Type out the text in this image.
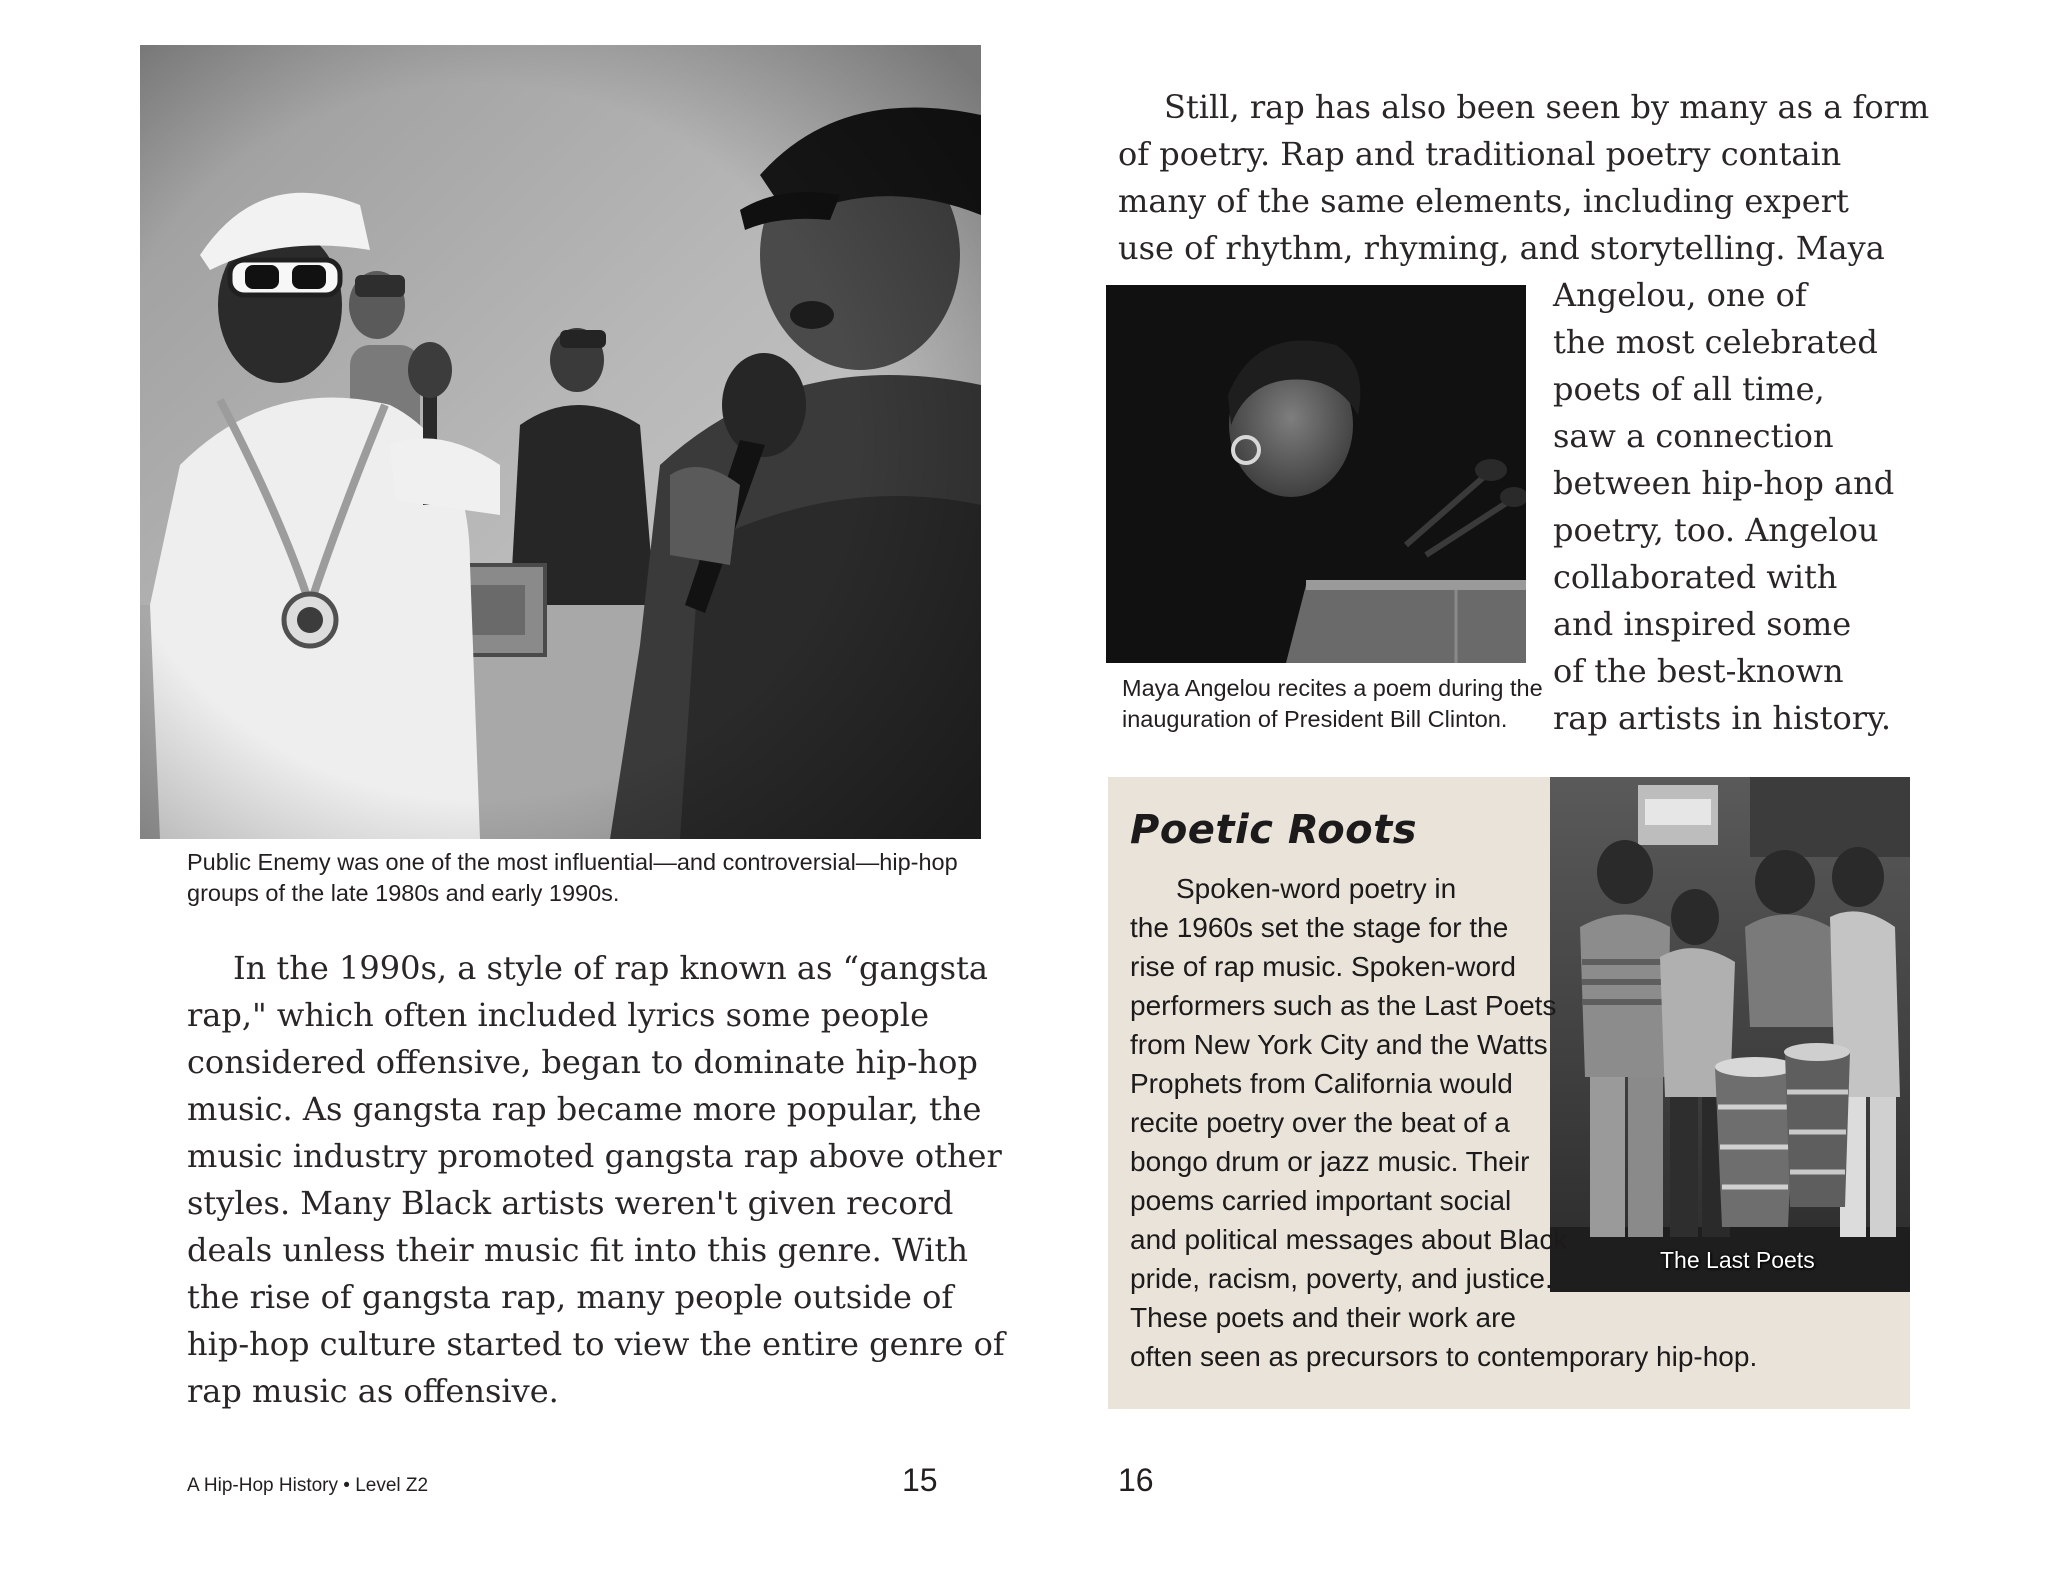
Public Enemy was one of the most influential—and controversial—hip-hop
groups of the late 1980s and early 1990s.
In the 1990s, a style of rap known as “gangsta
rap," which often included lyrics some people
considered offensive, began to dominate hip-hop
music. As gangsta rap became more popular, the
music industry promoted gangsta rap above other
styles. Many Black artists weren't given record
deals unless their music fit into this genre. With
the rise of gangsta rap, many people outside of
hip-hop culture started to view the entire genre of
rap music as offensive.
A Hip-Hop History • Level Z2	15
Still, rap has also been seen by many as a form
of poetry. Rap and traditional poetry contain
many of the same elements, including expert
use of rhythm, rhyming, and storytelling. Maya
Maya Angelou recites a poem during the
inauguration of President Bill Clinton.
Angelou, one of
the most celebrated
poets of all time,
saw a connection
between hip-hop and
poetry, too. Angelou
collaborated with
and inspired some
of the best-known
rap artists in history.
The Last Poets
Poetic Roots
Spoken-word poetry in
the 1960s set the stage for the
rise of rap music. Spoken-word
performers such as the Last Poets
from New York City and the Watts
Prophets from California would
recite poetry over the beat of a
bongo drum or jazz music. Their
poems carried important social
and political messages about Black
pride, racism, poverty, and justice.
These poets and their work are
often seen as precursors to contemporary hip-hop.
16
